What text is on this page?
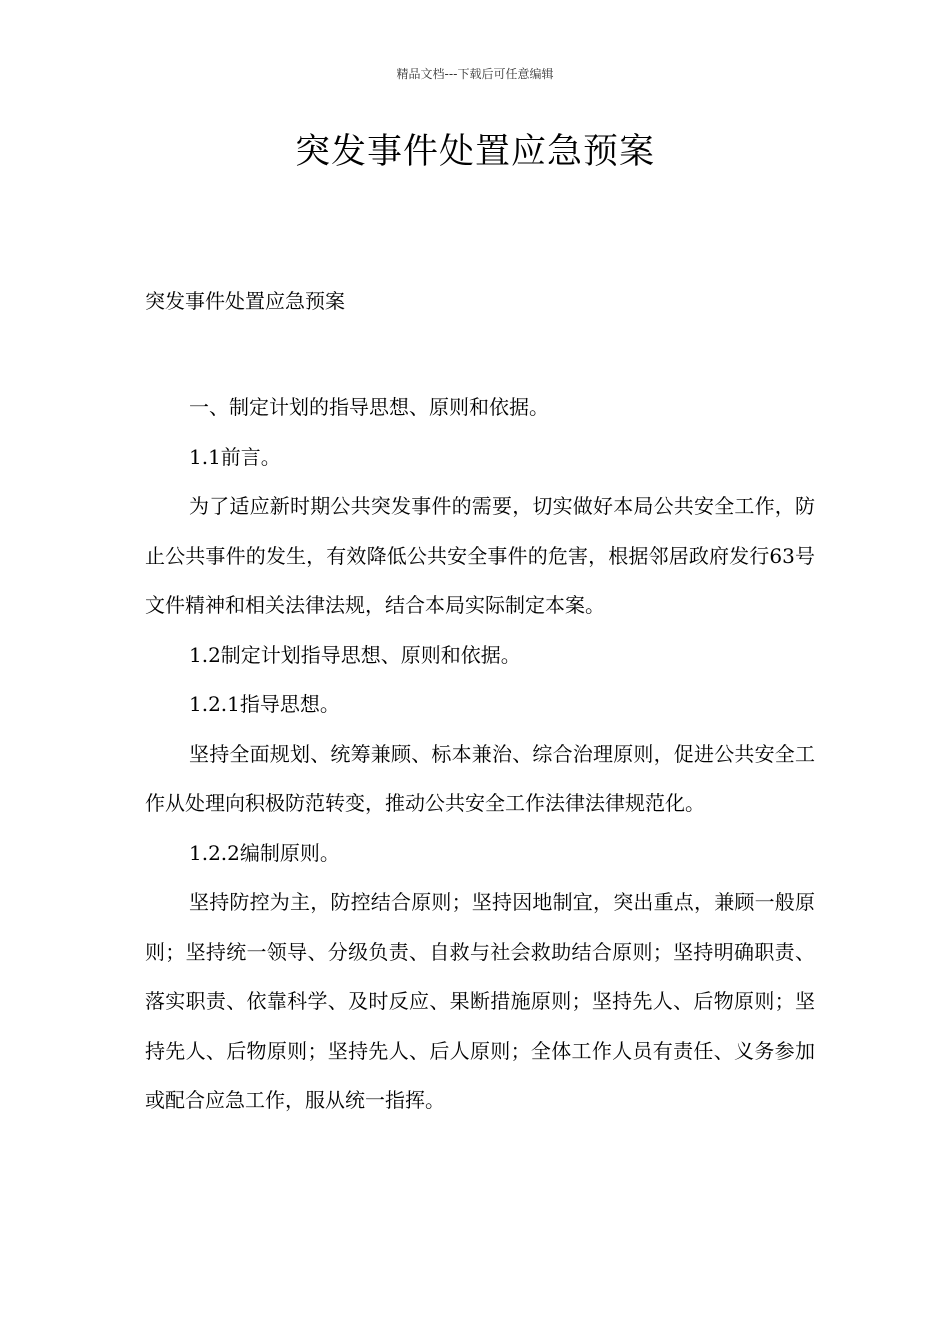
精品文档---下载后可任意编辑
突发事件处置应急预案
突发事件处置应急预案

一、制定计划的指导思想、原则和依据。

1.1前言。

为了适应新时期公共突发事件的需要，切实做好本局公共安全工作，防止公共事件的发生，有效降低公共安全事件的危害，根据邻居政府发行63号文件精神和相关法律法规，结合本局实际制定本案。

1.2制定计划指导思想、原则和依据。

1.2.1指导思想。

坚持全面规划、统筹兼顾、标本兼治、综合治理原则，促进公共安全工作从处理向积极防范转变，推动公共安全工作法律法律规范化。

1.2.2编制原则。

坚持防控为主，防控结合原则；坚持因地制宜，突出重点，兼顾一般原则；坚持统一领导、分级负责、自救与社会救助结合原则；坚持明确职责、落实职责、依靠科学、及时反应、果断措施原则；坚持先人、后物原则；坚持先人、后物原则；坚持先人、后人原则；全体工作人员有责任、义务参加或配合应急工作，服从统一指挥。
